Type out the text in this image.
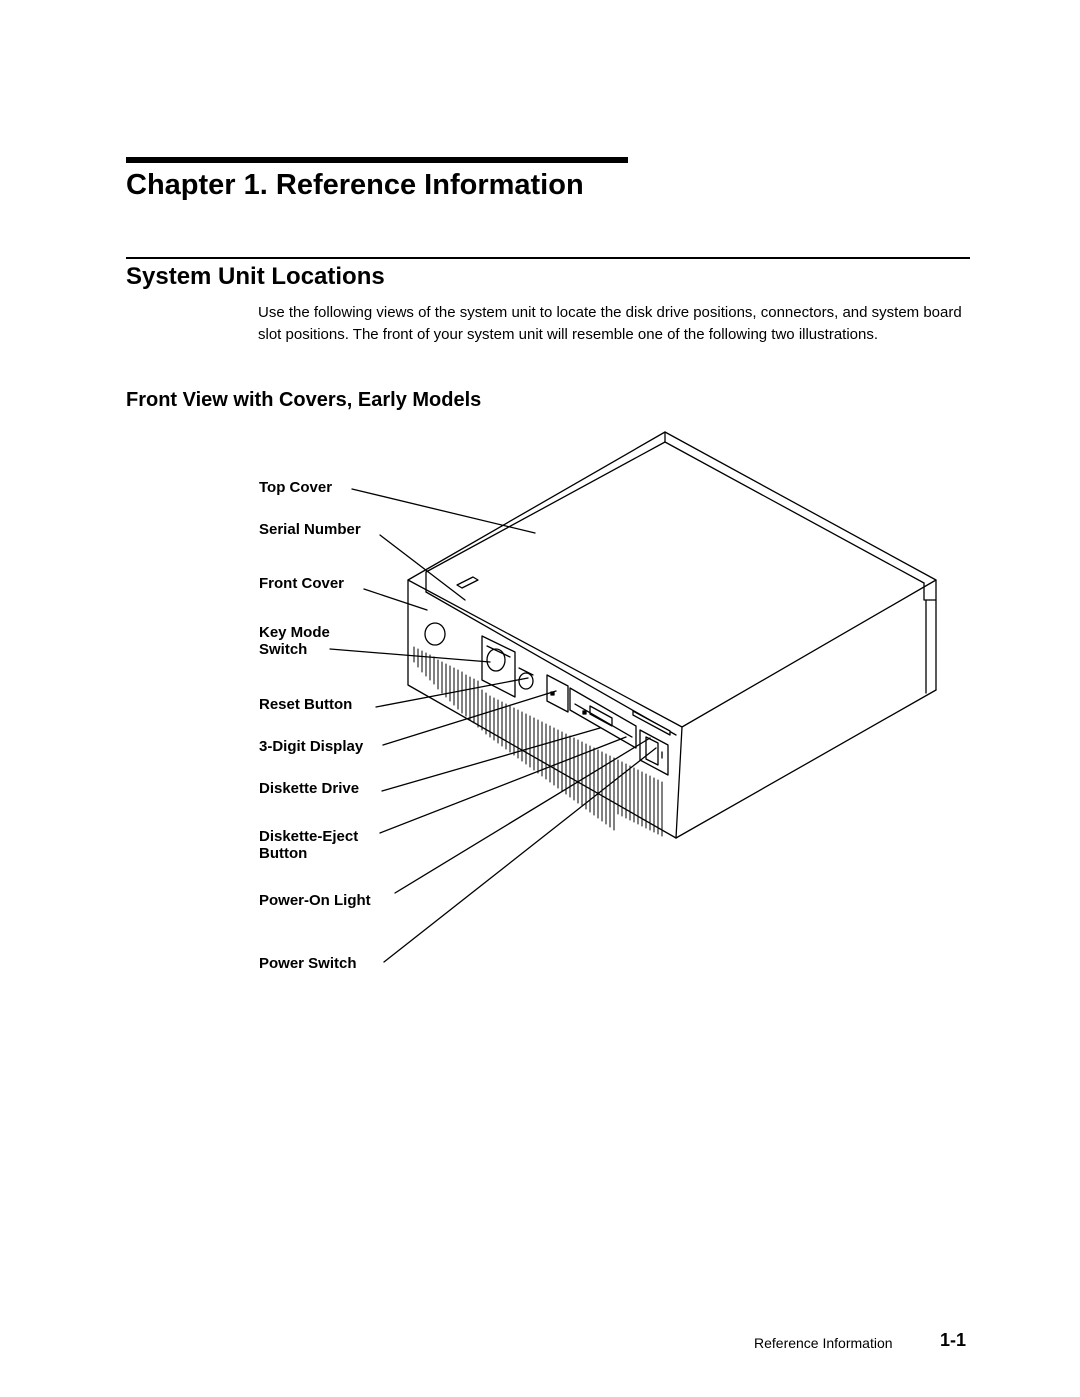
Chapter 1. Reference Information
System Unit Locations

Use the following views of the system unit to locate the disk drive positions, connectors, and system board slot positions. The front of your system unit will resemble one of the following two illustrations.

Front View with Covers, Early Models
Top Cover
Serial Number
Front Cover
Key Mode
Switch
Reset Button
3-Digit Display
Diskette Drive
Diskette-Eject
Button
Power-On Light
Power Switch
Reference Information	1-1
